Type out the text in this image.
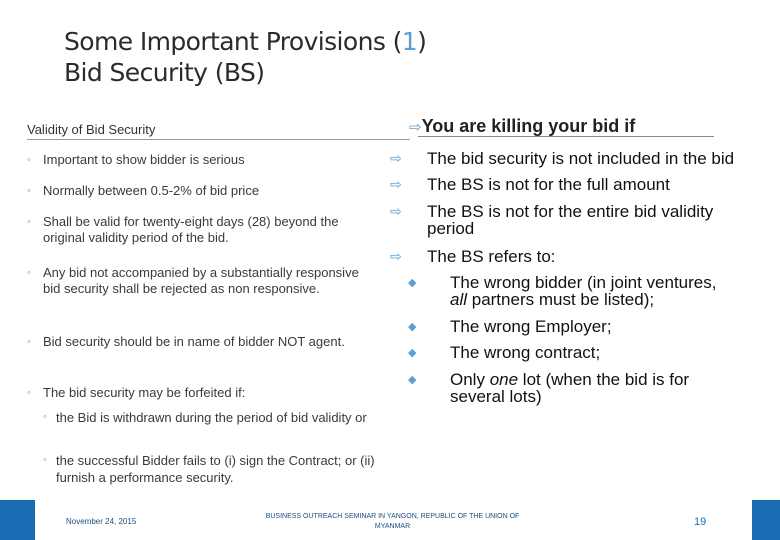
Some Important Provisions (1)
Bid Security (BS)
Validity of Bid Security
◦ Important to show bidder is serious
◦ Normally between 0.5-2% of bid price
◦ Shall be valid for twenty-eight days (28) beyond the original validity period of the bid.
◦ Any bid not accompanied by a substantially responsive bid security shall be rejected as non responsive.
◦ Bid security should be in name of bidder NOT agent.
◦ The bid security may be forfeited if:
◦ the Bid is withdrawn during the period of bid validity or
◦ the successful Bidder fails to (i) sign the Contract; or (ii) furnish a performance security.
⇨You are killing your bid if
⇨ The bid security is not included in the bid
⇨ The BS is not for the full amount
⇨ The BS is not for the entire bid validity period
⇨ The BS refers to:
◆ The wrong bidder (in joint ventures,
all partners must be listed);
◆ The wrong Employer;
◆ The wrong contract;
◆ Only one lot (when the bid is for
several lots)
November 24, 2015
BUSINESS OUTREACH SEMINAR IN YANGON, REPUBLIC OF THE UNION OF
MYANMAR	19
